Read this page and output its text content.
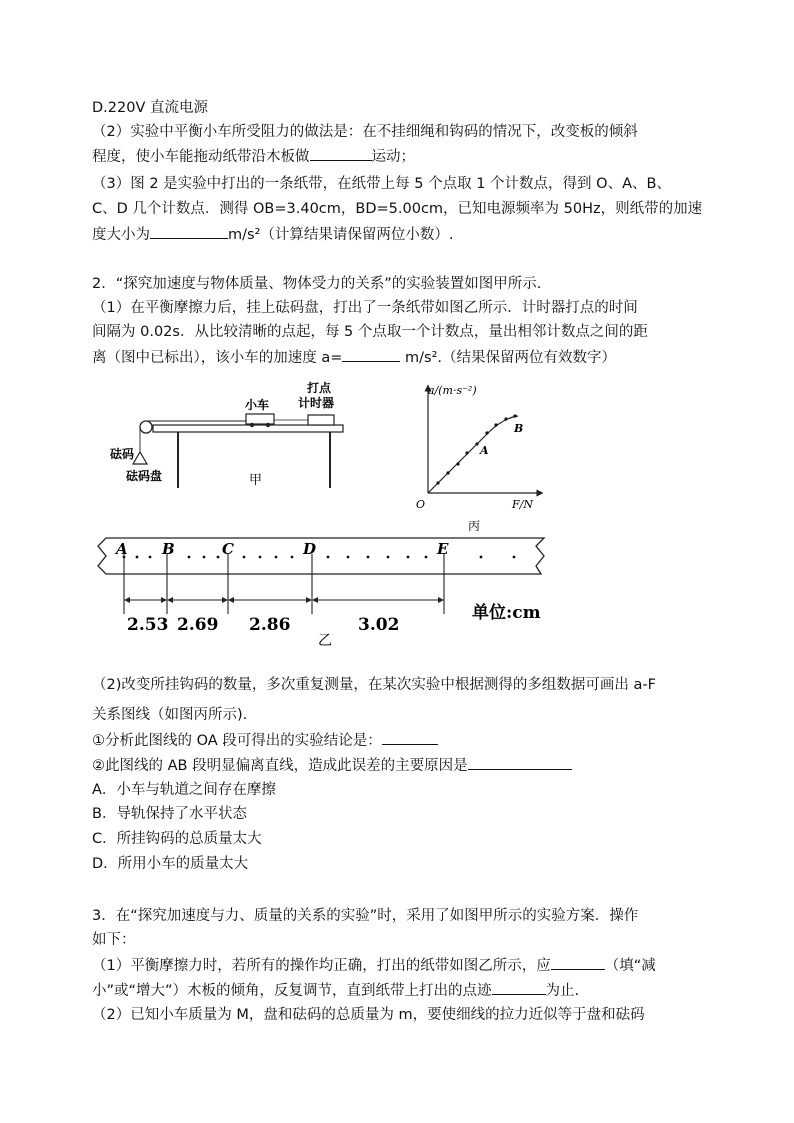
D.220V 直流电源
（2）实验中平衡小车所受阻力的做法是：在不挂细绳和钩码的情况下，改变板的倾斜
程度，使小车能拖动纸带沿木板做	运动；
（3）图 2 是实验中打出的一条纸带，在纸带上每 5 个点取 1 个计数点，得到 O、A、B、
C、D 几个计数点．测得 OB=3.40cm，BD=5.00cm，已知电源频率为 50Hz，则纸带的加速
度大小为	m/s²（计算结果请保留两位小数）.
2．“探究加速度与物体质量、物体受力的关系”的实验装置如图甲所示.
（1）在平衡摩擦力后，挂上砝码盘，打出了一条纸带如图乙所示．计时器打点的时间
间隔为 0.02s．从比较清晰的点起，每 5 个点取一个计数点，量出相邻计数点之间的距
离（图中已标出），该小车的加速度 a=	m/s².（结果保留两位有效数字）
小车
打点
计时器
砝码
砝码盘	甲
a/(m·s⁻²)
F/N
O
A
B
丙
A B	C	D	E
2.53 2.69 2.86	3.02
单位:cm
乙
（2)改变所挂钩码的数量，多次重复测量，在某次实验中根据测得的多组数据可画出 a-F
关系图线（如图丙所示).
①分析此图线的 OA 段可得出的实验结论是：
②此图线的 AB 段明显偏离直线，造成此误差的主要原因是
A．小车与轨道之间存在摩擦
B．导轨保持了水平状态
C．所挂钩码的总质量太大
D．所用小车的质量太大
3．在“探究加速度与力、质量的关系的实验”时，采用了如图甲所示的实验方案．操作
如下：
（1）平衡摩擦力时，若所有的操作均正确，打出的纸带如图乙所示，应	（填“减
小”或“增大”）木板的倾角，反复调节，直到纸带上打出的点迹	为止.
（2）已知小车质量为 M，盘和砝码的总质量为 m，要使细线的拉力近似等于盘和砝码
